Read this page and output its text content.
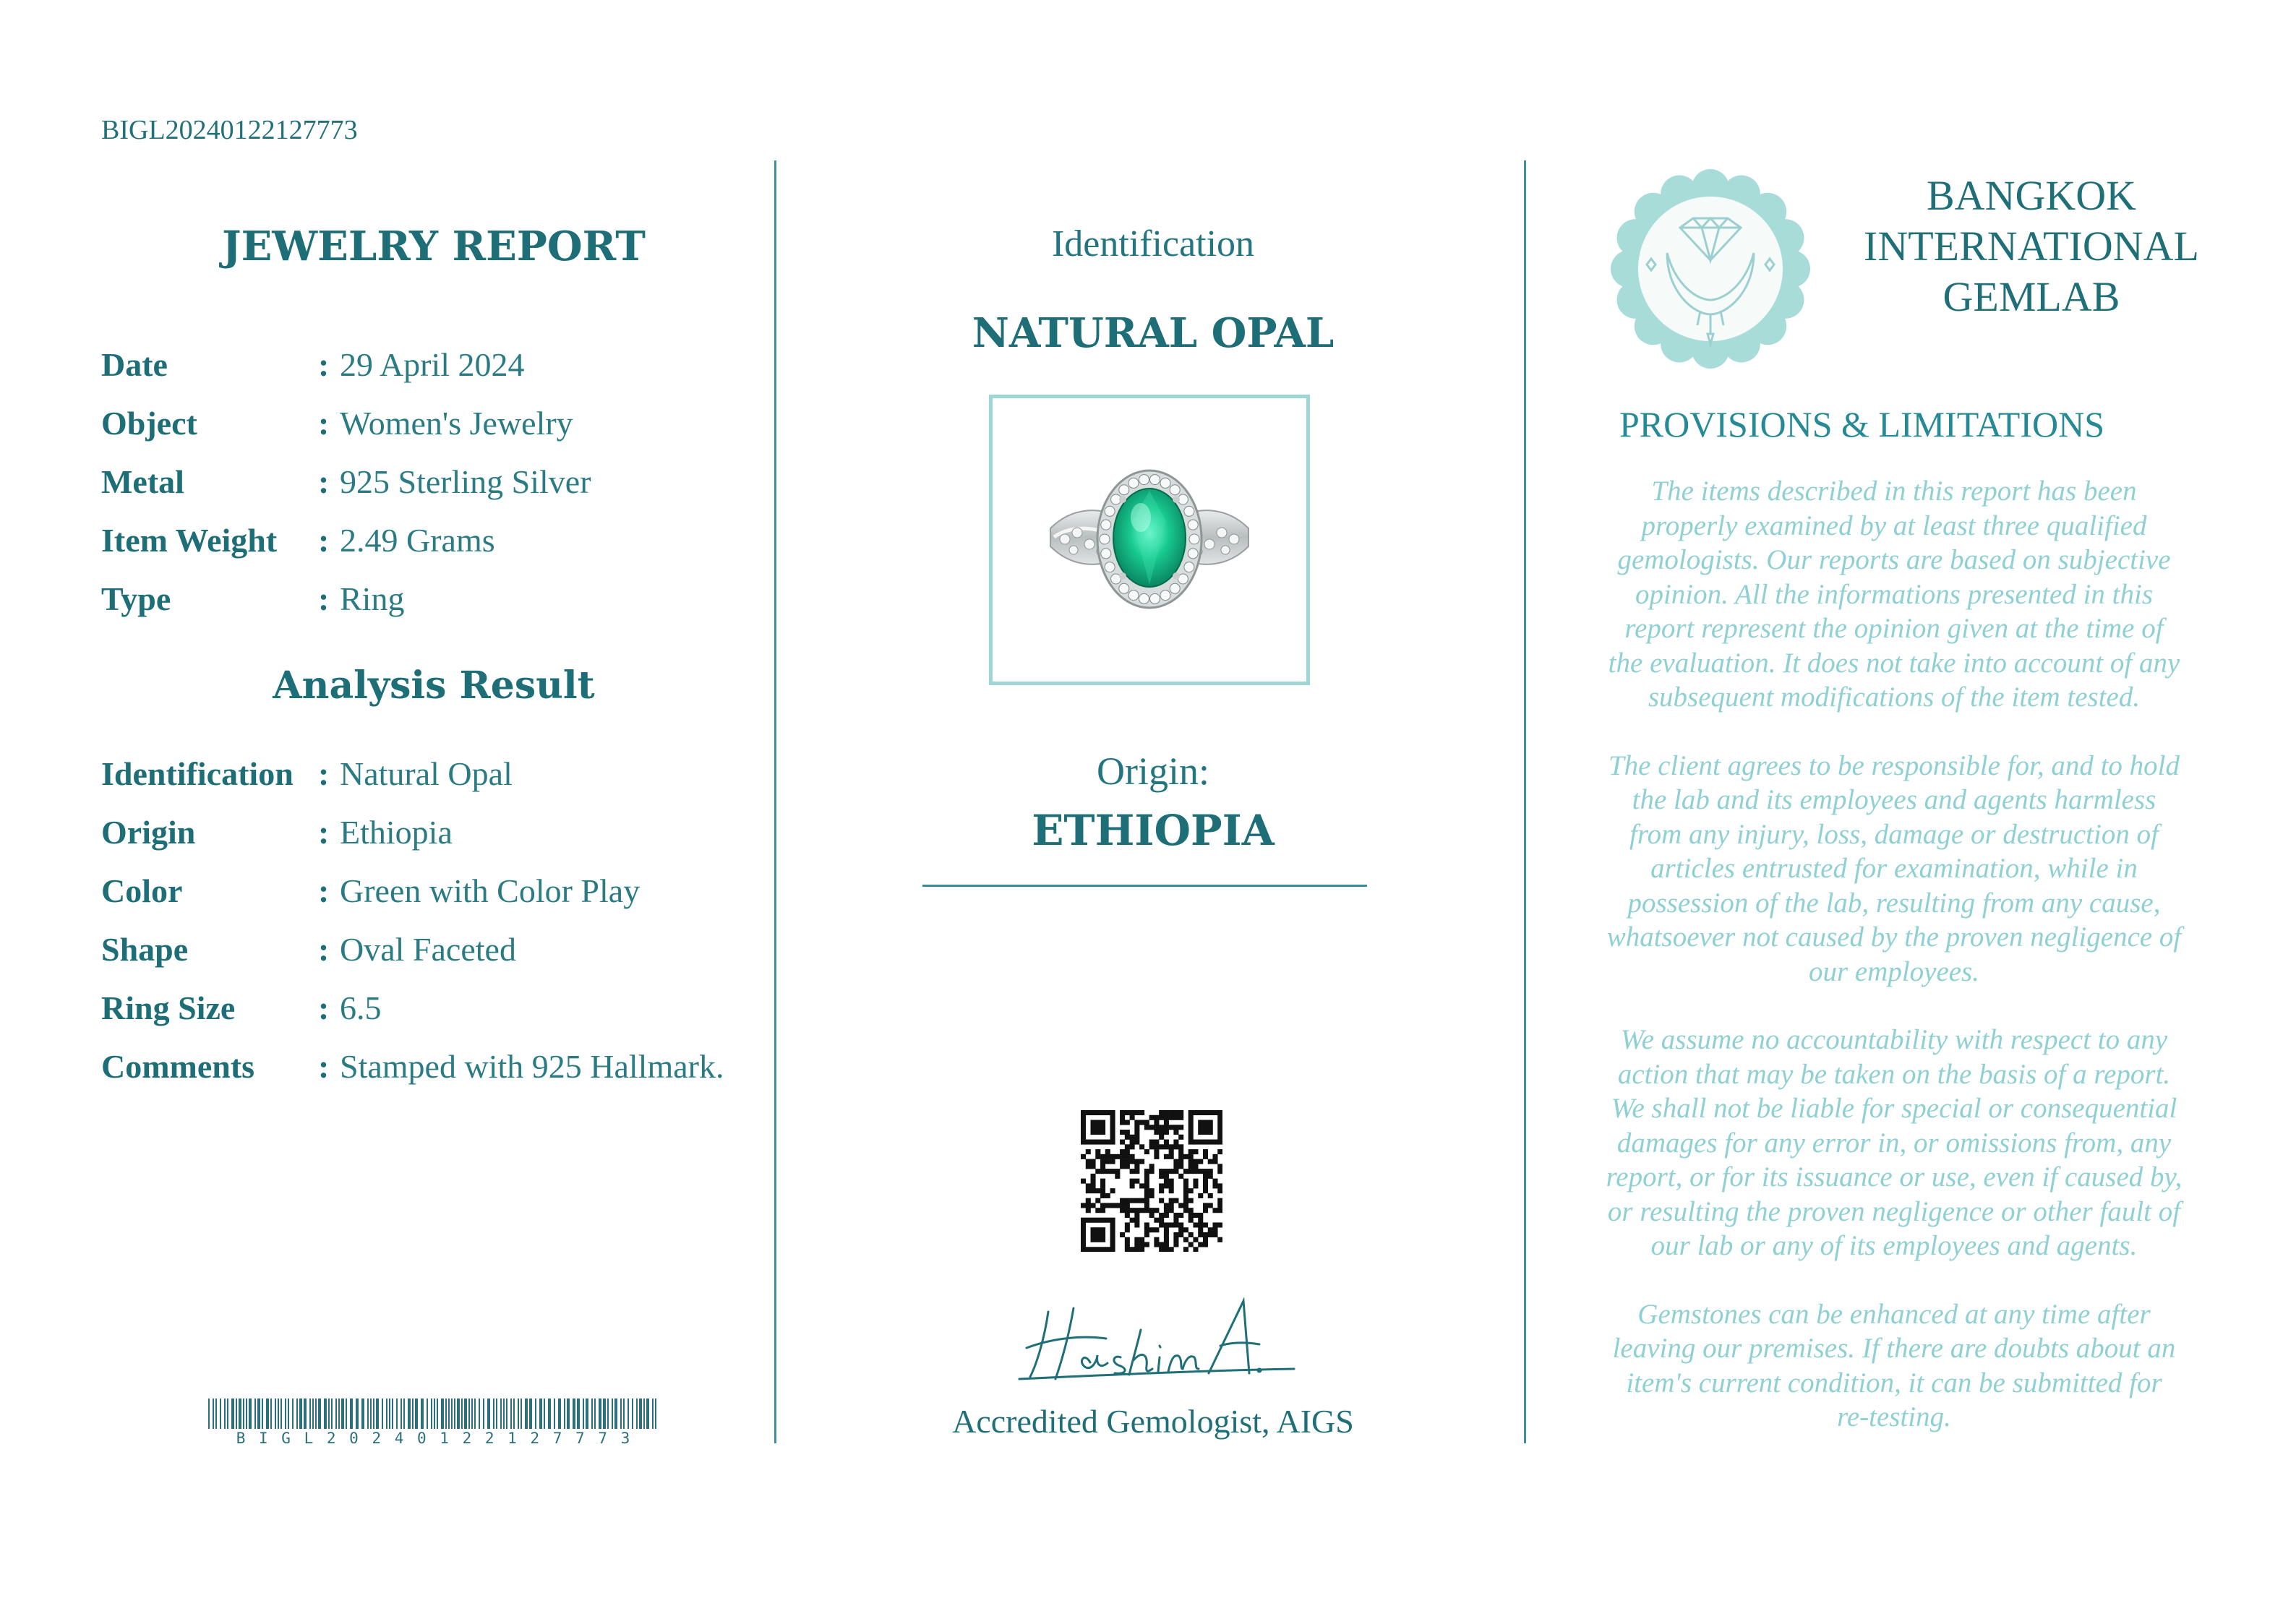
BIGL20240122127773
JEWELRY REPORT
Date	: 29 April 2024
Object	: Women's Jewelry
Metal	: 925 Sterling Silver
Item Weight	: 2.49 Grams
Type	: Ring
Analysis Result
Identification : Natural Opal
Origin	: Ethiopia
Color	: Green with Color Play
Shape	: Oval Faceted
Ring Size	: 6.5
Comments	: Stamped with 925 Hallmark.
B I G L 2 0 2 4 0 1 2 2 1 2 7 7 7 3
Identification
NATURAL OPAL
Origin:
ETHIOPIA
Accredited Gemologist, AIGS
BANGKOK
INTERNATIONAL
GEMLAB
PROVISIONS & LIMITATIONS
The items described in this report has been
properly examined by at least three qualified
gemologists. Our reports are based on subjective
opinion. All the informations presented in this
report represent the opinion given at the time of
the evaluation. It does not take into account of any
subsequent modifications of the item tested.
The client agrees to be responsible for, and to hold
the lab and its employees and agents harmless
from any injury, loss, damage or destruction of
articles entrusted for examination, while in
possession of the lab, resulting from any cause,
whatsoever not caused by the proven negligence of
our employees.
We assume no accountability with respect to any
action that may be taken on the basis of a report.
We shall not be liable for special or consequential
damages for any error in, or omissions from, any
report, or for its issuance or use, even if caused by,
or resulting the proven negligence or other fault of
our lab or any of its employees and agents.
Gemstones can be enhanced at any time after
leaving our premises. If there are doubts about an
item's current condition, it can be submitted for
re-testing.
